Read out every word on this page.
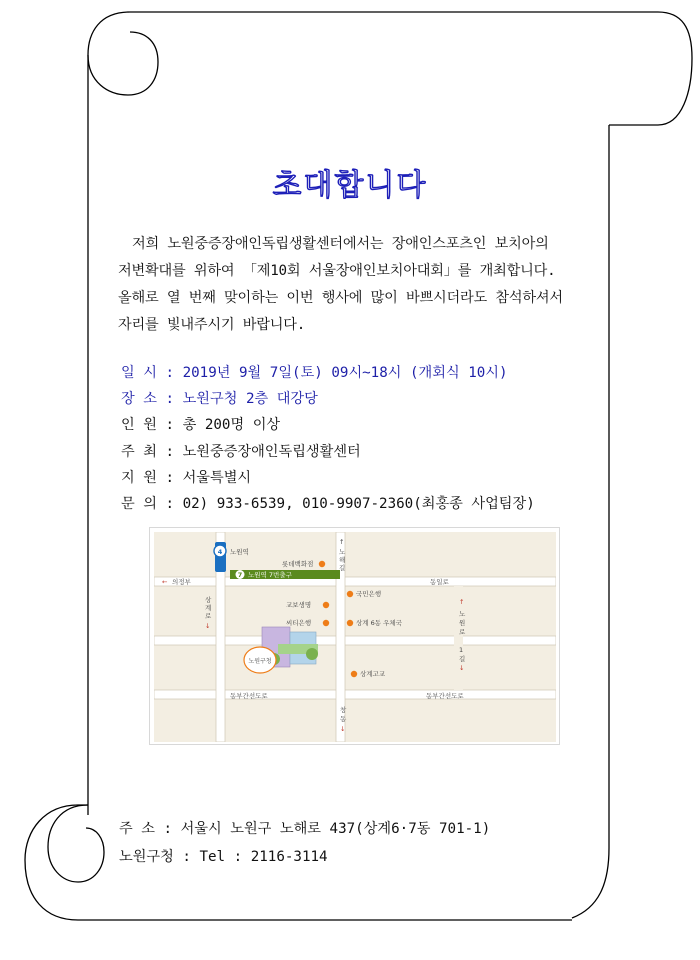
초대합니다
저희 노원중증장애인독립생활센터에서는 장애인스포츠인 보치아의
저변확대를 위하여 「제10회 서울장애인보치아대회」를 개최합니다.
올해로 열 번째 맞이하는 이번 행사에 많이 바쁘시더라도 참석하셔서
자리를 빛내주시기 바랍니다.
일 시 : 2019년 9월 7일(토) 09시~18시 (개회식 10시)
장 소 : 노원구청 2층 대강당
인 원 : 총 200명 이상
주 최 : 노원중증장애인독립생활센터
지 원 : 서울특별시
문 의 : 02) 933-6539, 010-9907-2360(최홍종 사업팀장)
4 노원역
7 노원역 7번출구
← 의정부	동일로
↑
노
해
길
상
계
로
↓
↑
노
원
로
1
길
↓
롯데백화점
국민은행
교보생명
씨티은행	상계 6동 우체국
상계고교
노원구청
동부간선도로	동부간선도로
창
동
↓
주 소 : 서울시 노원구 노해로 437(상계6·7동 701-1)
노원구청 : Tel : 2116-3114
